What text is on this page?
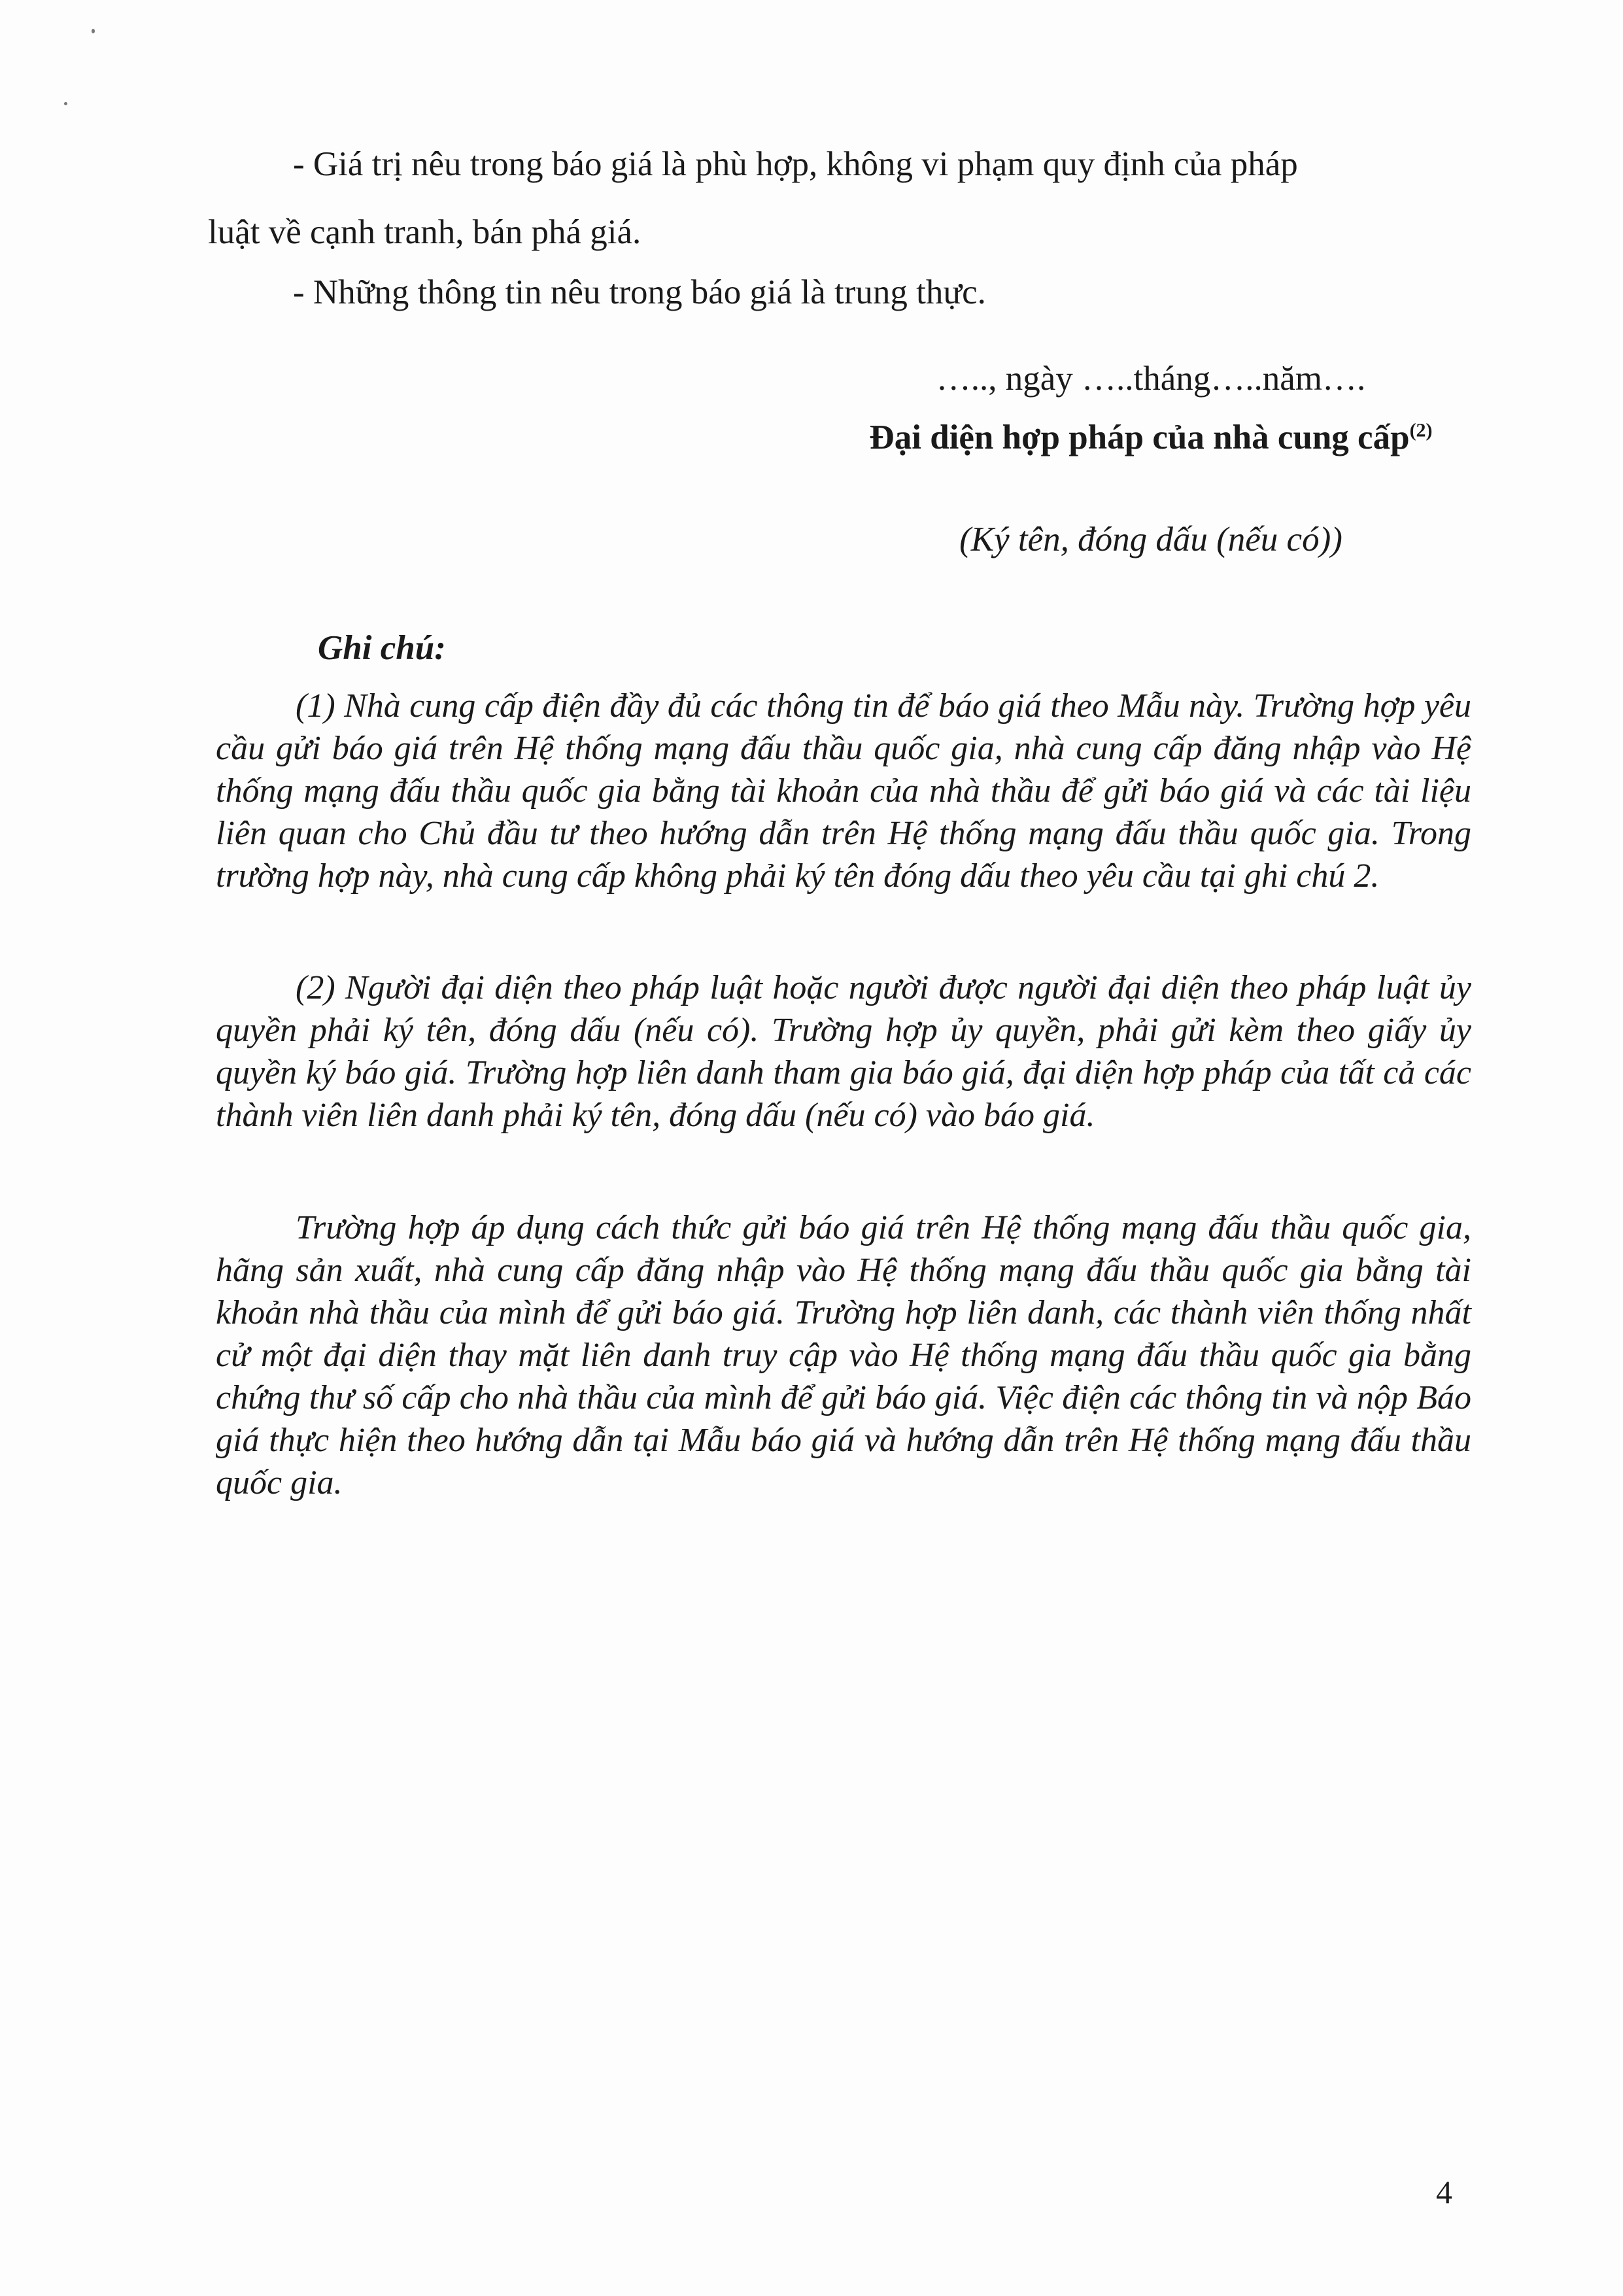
- Giá trị nêu trong báo giá là phù hợp, không vi phạm quy định của pháp
luật về cạnh tranh, bán phá giá.
- Những thông tin nêu trong báo giá là trung thực.
….., ngày …..tháng…..năm….
Đại diện hợp pháp của nhà cung cấp$^{(2)}$
(Ký tên, đóng dấu (nếu có))
Ghi chú:

(1) Nhà cung cấp điện đầy đủ các thông tin để báo giá theo Mẫu này. Trường hợp yêu cầu gửi báo giá trên Hệ thống mạng đấu thầu quốc gia, nhà cung cấp đăng nhập vào Hệ thống mạng đấu thầu quốc gia bằng tài khoản của nhà thầu để gửi báo giá và các tài liệu liên quan cho Chủ đầu tư theo hướng dẫn trên Hệ thống mạng đấu thầu quốc gia. Trong trường hợp này, nhà cung cấp không phải ký tên đóng dấu theo yêu cầu tại ghi chú 2.

(2) Người đại diện theo pháp luật hoặc người được người đại diện theo pháp luật ủy quyền phải ký tên, đóng dấu (nếu có). Trường hợp ủy quyền, phải gửi kèm theo giấy ủy quyền ký báo giá. Trường hợp liên danh tham gia báo giá, đại diện hợp pháp của tất cả các thành viên liên danh phải ký tên, đóng dấu (nếu có) vào báo giá.

Trường hợp áp dụng cách thức gửi báo giá trên Hệ thống mạng đấu thầu quốc gia, hãng sản xuất, nhà cung cấp đăng nhập vào Hệ thống mạng đấu thầu quốc gia bằng tài khoản nhà thầu của mình để gửi báo giá. Trường hợp liên danh, các thành viên thống nhất cử một đại diện thay mặt liên danh truy cập vào Hệ thống mạng đấu thầu quốc gia bằng chứng thư số cấp cho nhà thầu của mình để gửi báo giá. Việc điện các thông tin và nộp Báo giá thực hiện theo hướng dẫn tại Mẫu báo giá và hướng dẫn trên Hệ thống mạng đấu thầu quốc gia.

4
